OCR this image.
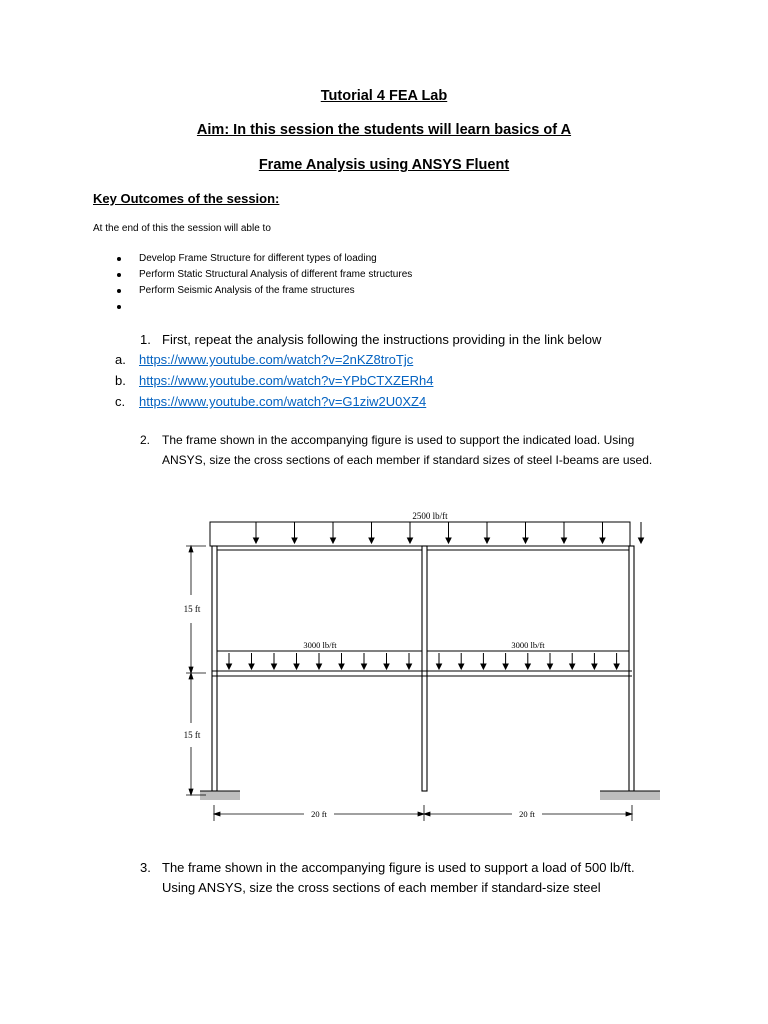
Tutorial 4 FEA Lab
Aim: In this session the students will learn basics of A
Frame Analysis using ANSYS Fluent
Key Outcomes of the session:
At the end of this the session will able to
Develop Frame Structure for different types of loading
Perform Static Structural Analysis of different frame structures
Perform Seismic Analysis of the frame structures
1. First, repeat the analysis following the instructions providing in the link below
a. https://www.youtube.com/watch?v=2nKZ8troTjc
b. https://www.youtube.com/watch?v=YPbCTXZERh4
c. https://www.youtube.com/watch?v=G1ziw2U0XZ4
2. The frame shown in the accompanying figure is used to support the indicated load. Using ANSYS, size the cross sections of each member if standard sizes of steel I-beams are used.
2500 lb/ft
3000 lb/ft	3000 lb/ft
15 ft
15 ft
20 ft	20 ft
3. The frame shown in the accompanying figure is used to support a load of 500 lb/ft. Using ANSYS, size the cross sections of each member if standard-size steel
